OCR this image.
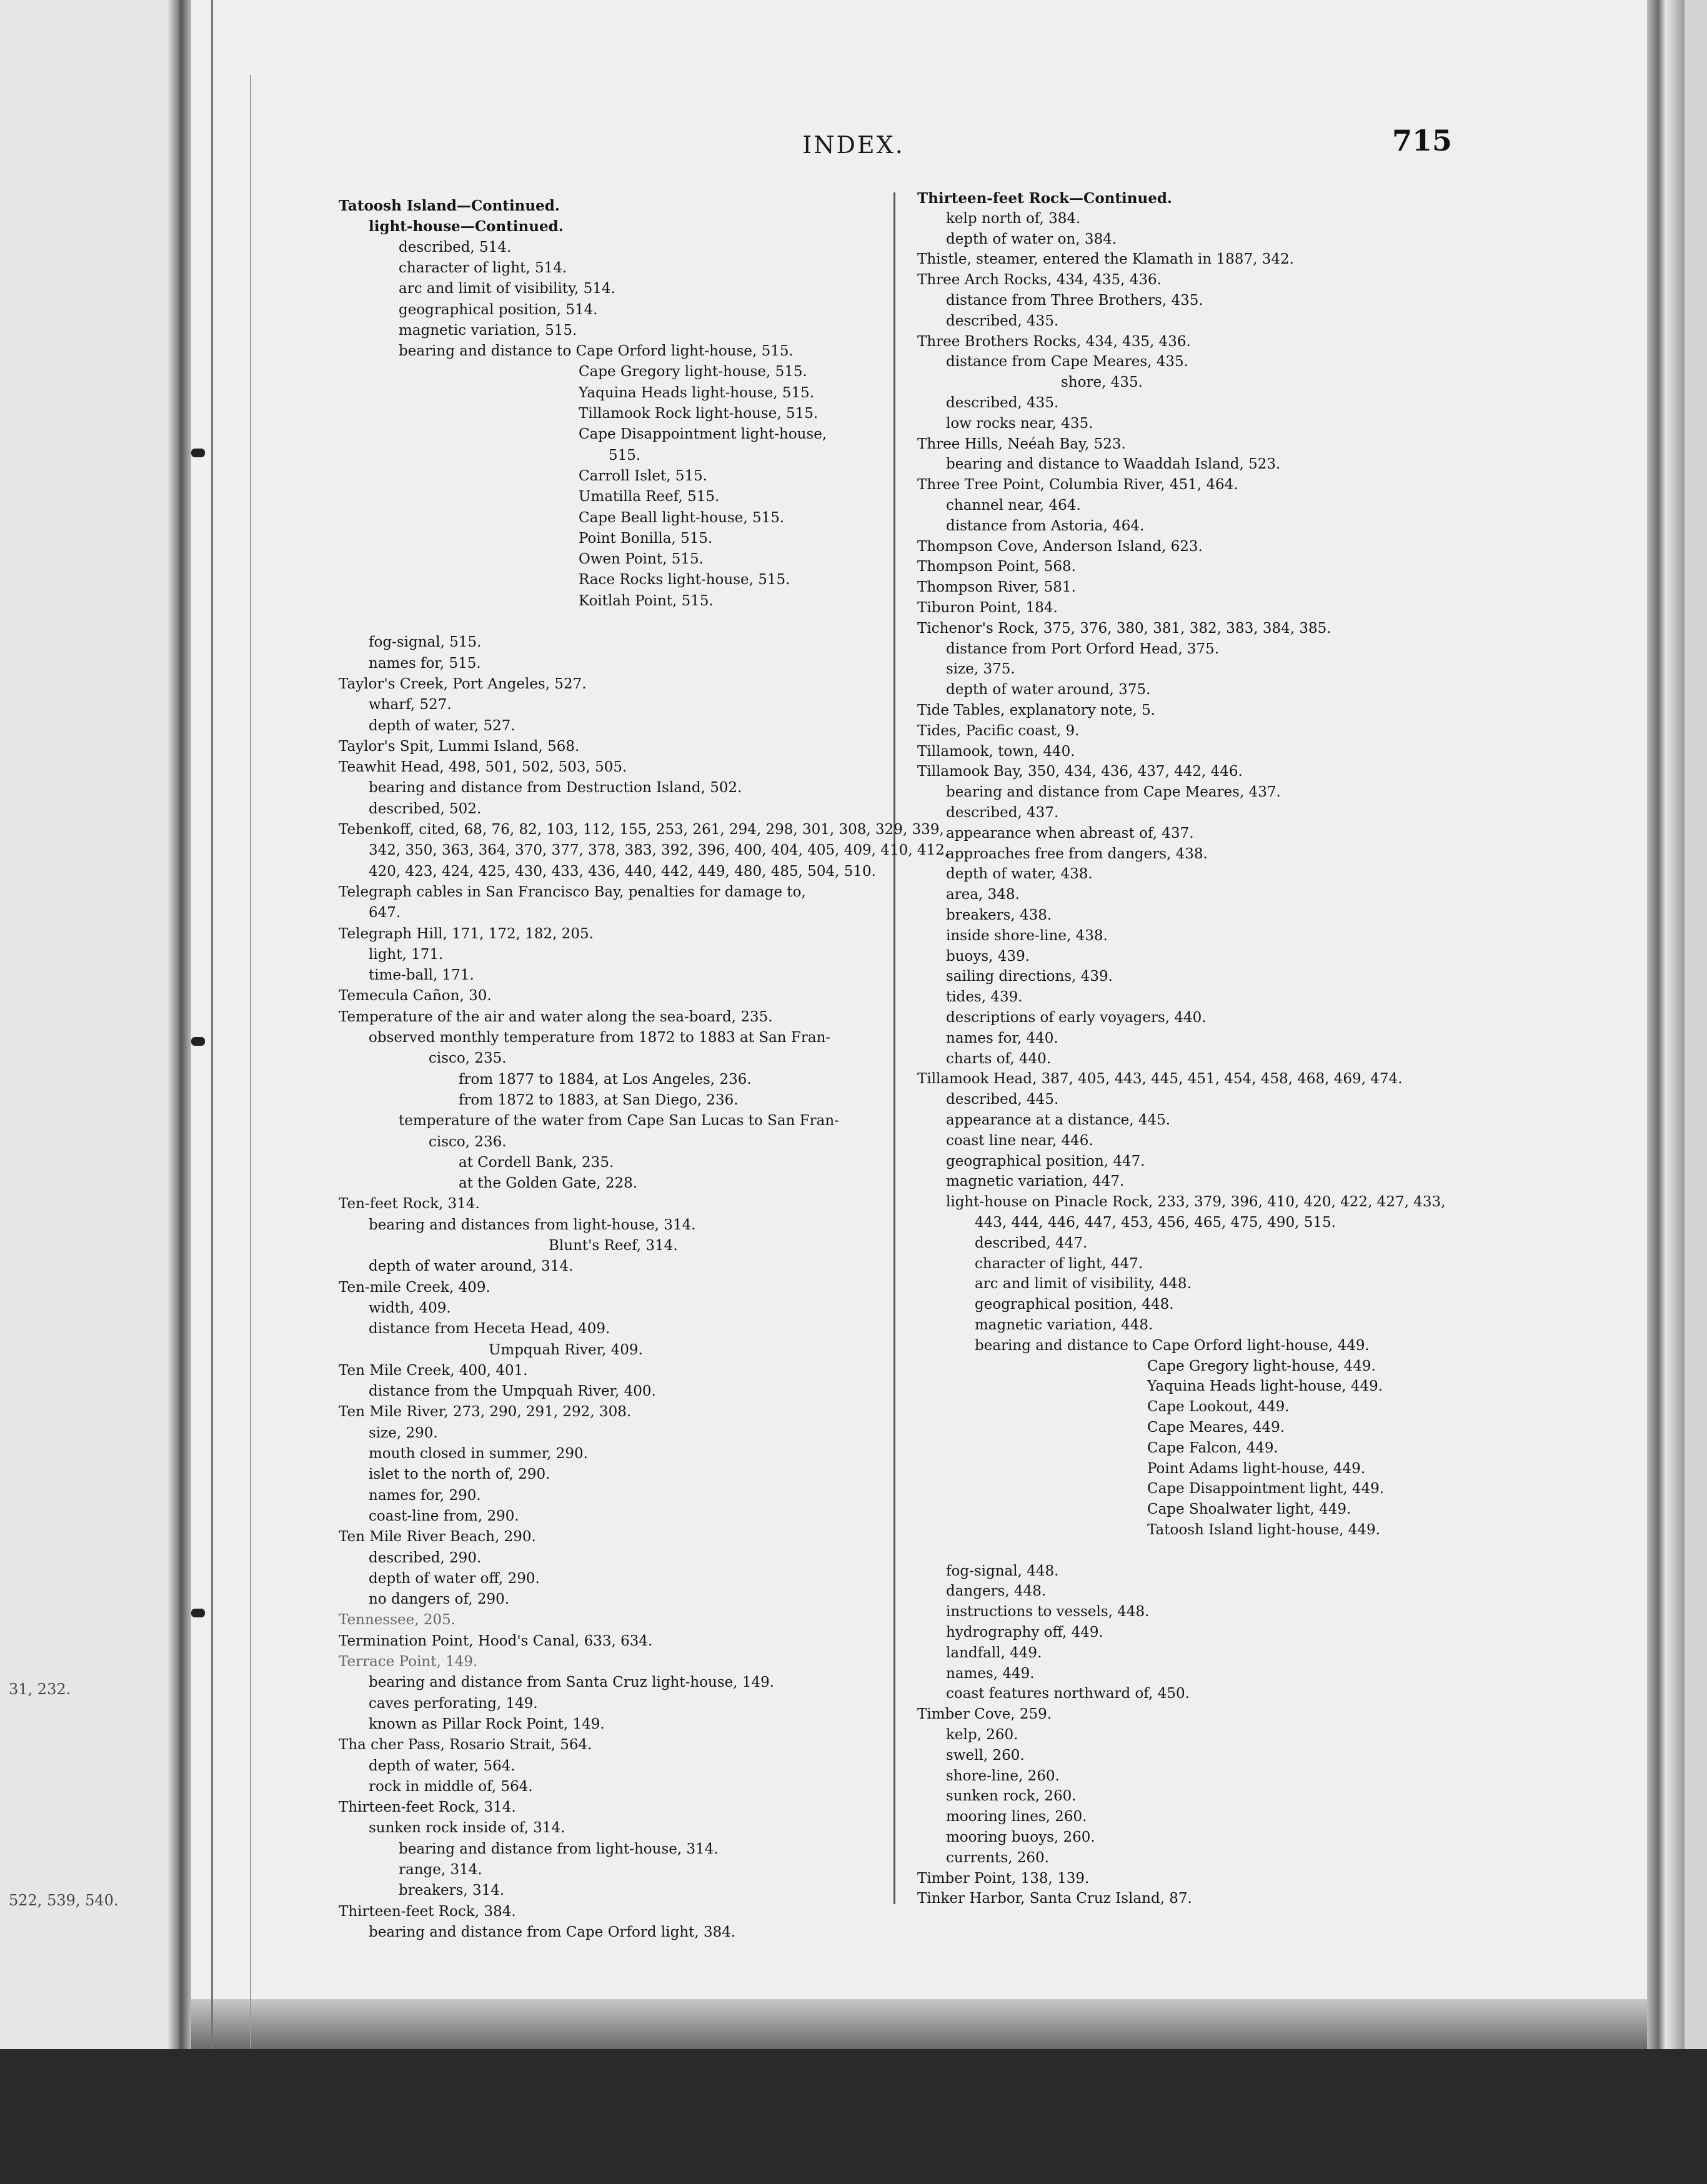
31, 232.
522, 539, 540.
INDEX.	715
Tatoosh Island—Continued.
light-house—Continued.
described, 514.
character of light, 514.
arc and limit of visibility, 514.
geographical position, 514.
magnetic variation, 515.
bearing and distance to Cape Orford light-house, 515.
Cape Gregory light-house, 515.
Yaquina Heads light-house, 515.
Tillamook Rock light-house, 515.
Cape Disappointment light-house,
515.
Carroll Islet, 515.
Umatilla Reef, 515.
Cape Beall light-house, 515.
Point Bonilla, 515.
Owen Point, 515.
Race Rocks light-house, 515.
Koitlah Point, 515.
fog-signal, 515.
names for, 515.
Taylor's Creek, Port Angeles, 527.
wharf, 527.
depth of water, 527.
Taylor's Spit, Lummi Island, 568.
Teawhit Head, 498, 501, 502, 503, 505.
bearing and distance from Destruction Island, 502.
described, 502.
Tebenkoff, cited, 68, 76, 82, 103, 112, 155, 253, 261, 294, 298, 301, 308, 329, 339,
342, 350, 363, 364, 370, 377, 378, 383, 392, 396, 400, 404, 405, 409, 410, 412,
420, 423, 424, 425, 430, 433, 436, 440, 442, 449, 480, 485, 504, 510.
Telegraph cables in San Francisco Bay, penalties for damage to,
647.
Telegraph Hill, 171, 172, 182, 205.
light, 171.
time-ball, 171.
Temecula Cañon, 30.
Temperature of the air and water along the sea-board, 235.
observed monthly temperature from 1872 to 1883 at San Fran-
cisco, 235.
from 1877 to 1884, at Los Angeles, 236.
from 1872 to 1883, at San Diego, 236.
temperature of the water from Cape San Lucas to San Fran-
cisco, 236.
at Cordell Bank, 235.
at the Golden Gate, 228.
Ten-feet Rock, 314.
bearing and distances from light-house, 314.
Blunt's Reef, 314.
depth of water around, 314.
Ten-mile Creek, 409.
width, 409.
distance from Heceta Head, 409.
Umpquah River, 409.
Ten Mile Creek, 400, 401.
distance from the Umpquah River, 400.
Ten Mile River, 273, 290, 291, 292, 308.
size, 290.
mouth closed in summer, 290.
islet to the north of, 290.
names for, 290.
coast-line from, 290.
Ten Mile River Beach, 290.
described, 290.
depth of water off, 290.
no dangers of, 290.
Tennessee, 205.
Termination Point, Hood's Canal, 633, 634.
Terrace Point, 149.
bearing and distance from Santa Cruz light-house, 149.
caves perforating, 149.
known as Pillar Rock Point, 149.
Tha cher Pass, Rosario Strait, 564.
depth of water, 564.
rock in middle of, 564.
Thirteen-feet Rock, 314.
sunken rock inside of, 314.
bearing and distance from light-house, 314.
range, 314.
breakers, 314.
Thirteen-feet Rock, 384.
bearing and distance from Cape Orford light, 384.
Thirteen-feet Rock—Continued.
kelp north of, 384.
depth of water on, 384.
Thistle, steamer, entered the Klamath in 1887, 342.
Three Arch Rocks, 434, 435, 436.
distance from Three Brothers, 435.
described, 435.
Three Brothers Rocks, 434, 435, 436.
distance from Cape Meares, 435.
shore, 435.
described, 435.
low rocks near, 435.
Three Hills, Neéah Bay, 523.
bearing and distance to Waaddah Island, 523.
Three Tree Point, Columbia River, 451, 464.
channel near, 464.
distance from Astoria, 464.
Thompson Cove, Anderson Island, 623.
Thompson Point, 568.
Thompson River, 581.
Tiburon Point, 184.
Tichenor's Rock, 375, 376, 380, 381, 382, 383, 384, 385.
distance from Port Orford Head, 375.
size, 375.
depth of water around, 375.
Tide Tables, explanatory note, 5.
Tides, Pacific coast, 9.
Tillamook, town, 440.
Tillamook Bay, 350, 434, 436, 437, 442, 446.
bearing and distance from Cape Meares, 437.
described, 437.
appearance when abreast of, 437.
approaches free from dangers, 438.
depth of water, 438.
area, 348.
breakers, 438.
inside shore-line, 438.
buoys, 439.
sailing directions, 439.
tides, 439.
descriptions of early voyagers, 440.
names for, 440.
charts of, 440.
Tillamook Head, 387, 405, 443, 445, 451, 454, 458, 468, 469, 474.
described, 445.
appearance at a distance, 445.
coast line near, 446.
geographical position, 447.
magnetic variation, 447.
light-house on Pinacle Rock, 233, 379, 396, 410, 420, 422, 427, 433,
443, 444, 446, 447, 453, 456, 465, 475, 490, 515.
described, 447.
character of light, 447.
arc and limit of visibility, 448.
geographical position, 448.
magnetic variation, 448.
bearing and distance to Cape Orford light-house, 449.
Cape Gregory light-house, 449.
Yaquina Heads light-house, 449.
Cape Lookout, 449.
Cape Meares, 449.
Cape Falcon, 449.
Point Adams light-house, 449.
Cape Disappointment light, 449.
Cape Shoalwater light, 449.
Tatoosh Island light-house, 449.
fog-signal, 448.
dangers, 448.
instructions to vessels, 448.
hydrography off, 449.
landfall, 449.
names, 449.
coast features northward of, 450.
Timber Cove, 259.
kelp, 260.
swell, 260.
shore-line, 260.
sunken rock, 260.
mooring lines, 260.
mooring buoys, 260.
currents, 260.
Timber Point, 138, 139.
Tinker Harbor, Santa Cruz Island, 87.
